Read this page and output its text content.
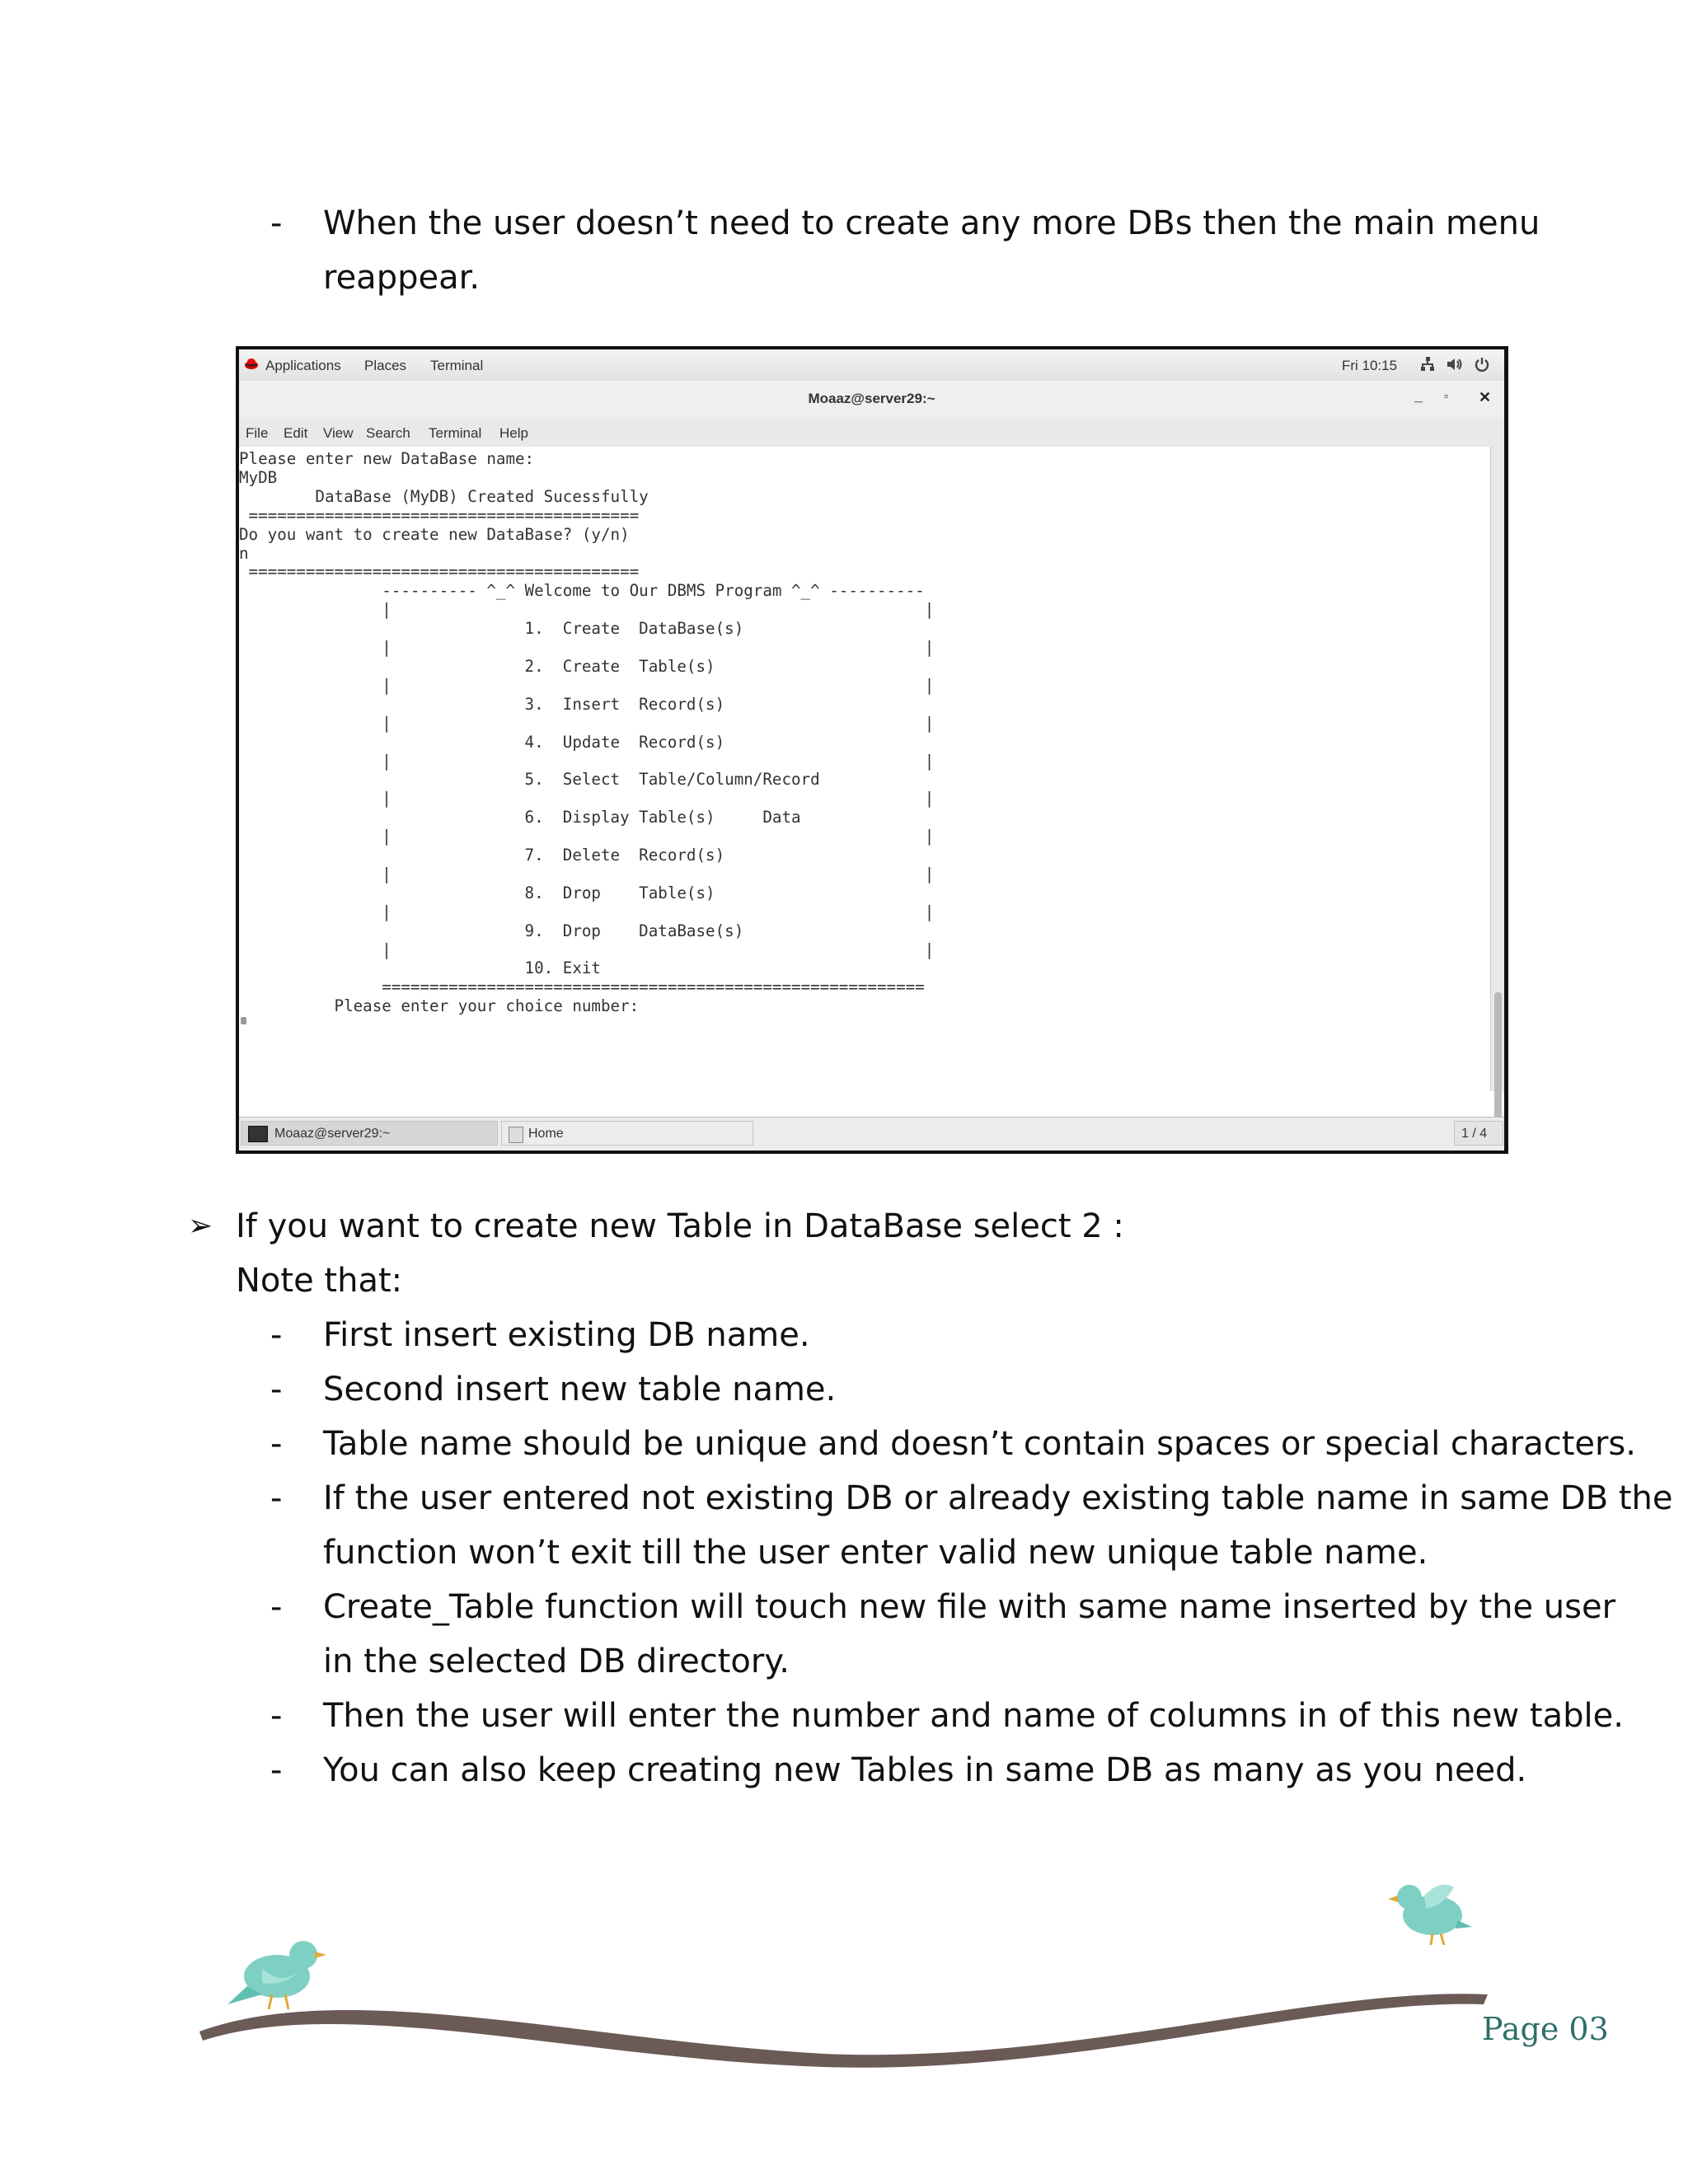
-	When the user doesn’t need to create any more DBs then the main menu
reappear.
Applications Places Terminal	Fri 10:15
Moaaz@server29:~	_ ▫ ✕
File Edit View Search Terminal Help
Please enter new DataBase name:
MyDB
DataBase (MyDB) Created Sucessfully
=========================================
Do you want to create new DataBase? (y/n)
n
=========================================
---------- ^_^ Welcome to Our DBMS Program ^_^ ----------
|                                                        |
1.  Create  DataBase(s)
|                                                        |
2.  Create  Table(s)
|                                                        |
3.  Insert  Record(s)
|                                                        |
4.  Update  Record(s)
|                                                        |
5.  Select  Table/Column/Record
|                                                        |
6.  Display Table(s)     Data
|                                                        |
7.  Delete  Record(s)
|                                                        |
8.  Drop    Table(s)
|                                                        |
9.  Drop    DataBase(s)
|                                                        |
10. Exit
=========================================================
Please enter your choice number:
Moaaz@server29:~	Home	1 / 4
➢ If you want to create new Table in DataBase select 2 :
Note that:
-	First insert existing DB name.
-	Second insert new table name.
-	Table name should be unique and doesn’t contain spaces or special characters.
-	If the user entered not existing DB or already existing table name in same DB the
function won’t exit till the user enter valid new unique table name.
-	Create_Table function will touch new file with same name inserted by the user
in the selected DB directory.
-	Then the user will enter the number and name of columns in of this new table.
-	You can also keep creating new Tables in same DB as many as you need.
Page 03
